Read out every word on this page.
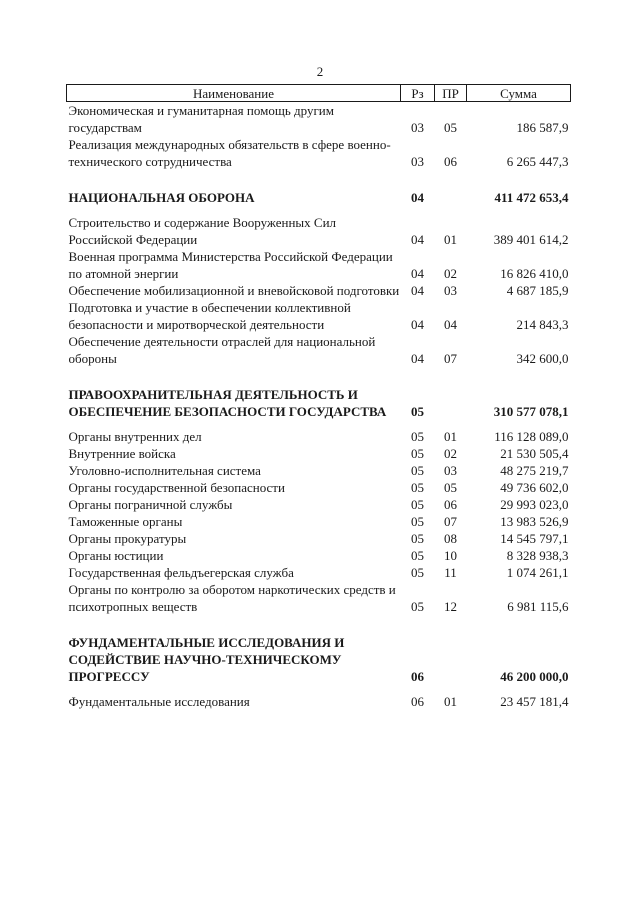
2
Наименование	Рз	ПР	Сумма
Экономическая и гуманитарная помощь другим государствам	03	05	186 587,9
Реализация международных обязательств в сфере военно-технического сотрудничества	03	06	6 265 447,3

НАЦИОНАЛЬНАЯ ОБОРОНА	04		411 472 653,4

Строительство и содержание Вооруженных Сил Российской Федерации	04	01	389 401 614,2
Военная программа Министерства Российской Федерации по атомной энергии	04	02	16 826 410,0
Обеспечение мобилизационной и вневойсковой подготовки	04	03	4 687 185,9
Подготовка и участие в обеспечении коллективной безопасности и миротворческой деятельности	04	04	214 843,3
Обеспечение деятельности отраслей для национальной обороны	04	07	342 600,0

ПРАВООХРАНИТЕЛЬНАЯ ДЕЯТЕЛЬНОСТЬ И ОБЕСПЕЧЕНИЕ БЕЗОПАСНОСТИ ГОСУДАРСТВА	05		310 577 078,1

Органы внутренних дел	05	01	116 128 089,0
Внутренние войска	05	02	21 530 505,4
Уголовно-исполнительная система	05	03	48 275 219,7
Органы государственной безопасности	05	05	49 736 602,0
Органы пограничной службы	05	06	29 993 023,0
Таможенные органы	05	07	13 983 526,9
Органы прокуратуры	05	08	14 545 797,1
Органы юстиции	05	10	8 328 938,3
Государственная фельдъегерская служба	05	11	1 074 261,1
Органы по контролю за оборотом наркотических средств и психотропных веществ	05	12	6 981 115,6

ФУНДАМЕНТАЛЬНЫЕ ИССЛЕДОВАНИЯ И СОДЕЙСТВИЕ НАУЧНО-ТЕХНИЧЕСКОМУ ПРОГРЕССУ	06		46 200 000,0

Фундаментальные исследования	06	01	23 457 181,4
